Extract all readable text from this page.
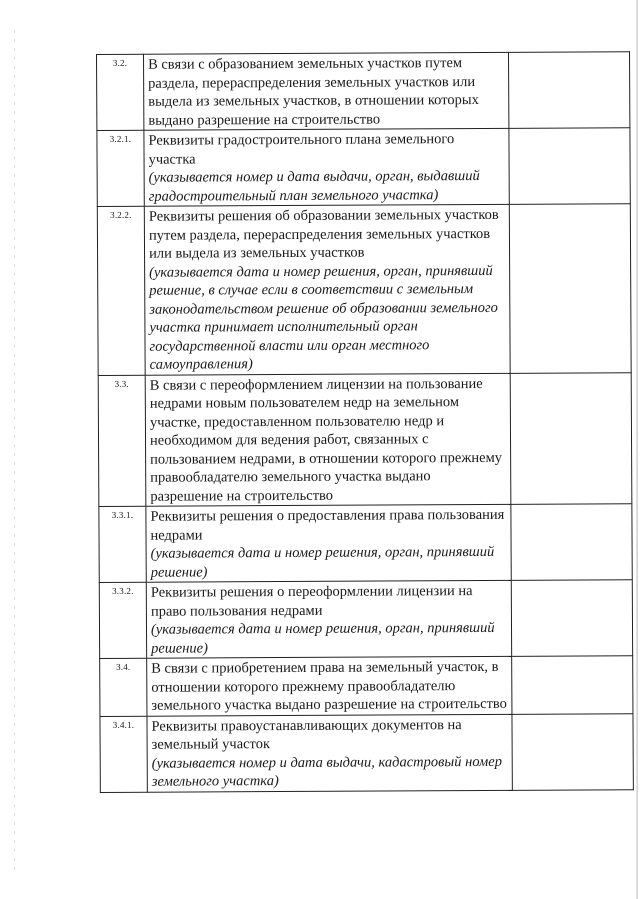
3.2.	В связи с образованием земельных участков путем раздела, перераспределения земельных участков или выдела из земельных участков, в отношении которых выдано разрешение на строительство	

3.2.1.	Реквизиты градостроительного плана земельного участка
(указывается номер и дата выдачи, орган, выдавший градостроительный план земельного участка)	

3.2.2.	Реквизиты решения об образовании земельных участков путем раздела, перераспределения земельных участков или выдела из земельных участков
(указывается дата и номер решения, орган, принявший решение, в случае если в соответствии с земельным законодательством решение об образовании земельного участка принимает исполнительный орган государственной власти или орган местного самоуправления)	

3.3.	В связи с переоформлением лицензии на пользование недрами новым пользователем недр на земельном участке, предоставленном пользователю недр и необходимом для ведения работ, связанных с пользованием недрами, в отношении которого прежнему правообладателю земельного участка выдано разрешение на строительство	

3.3.1.	Реквизиты решения о предоставления права пользования недрами
(указывается дата и номер решения, орган, принявший решение)	

3.3.2.	Реквизиты решения о переоформлении лицензии на право пользования недрами
(указывается дата и номер решения, орган, принявший решение)	

3.4.	В связи с приобретением права на земельный участок, в отношении которого прежнему правообладателю земельного участка выдано разрешение на строительство	

3.4.1.	Реквизиты правоустанавливающих документов на земельный участок
(указывается номер и дата выдачи, кадастровый номер земельного участка)	
